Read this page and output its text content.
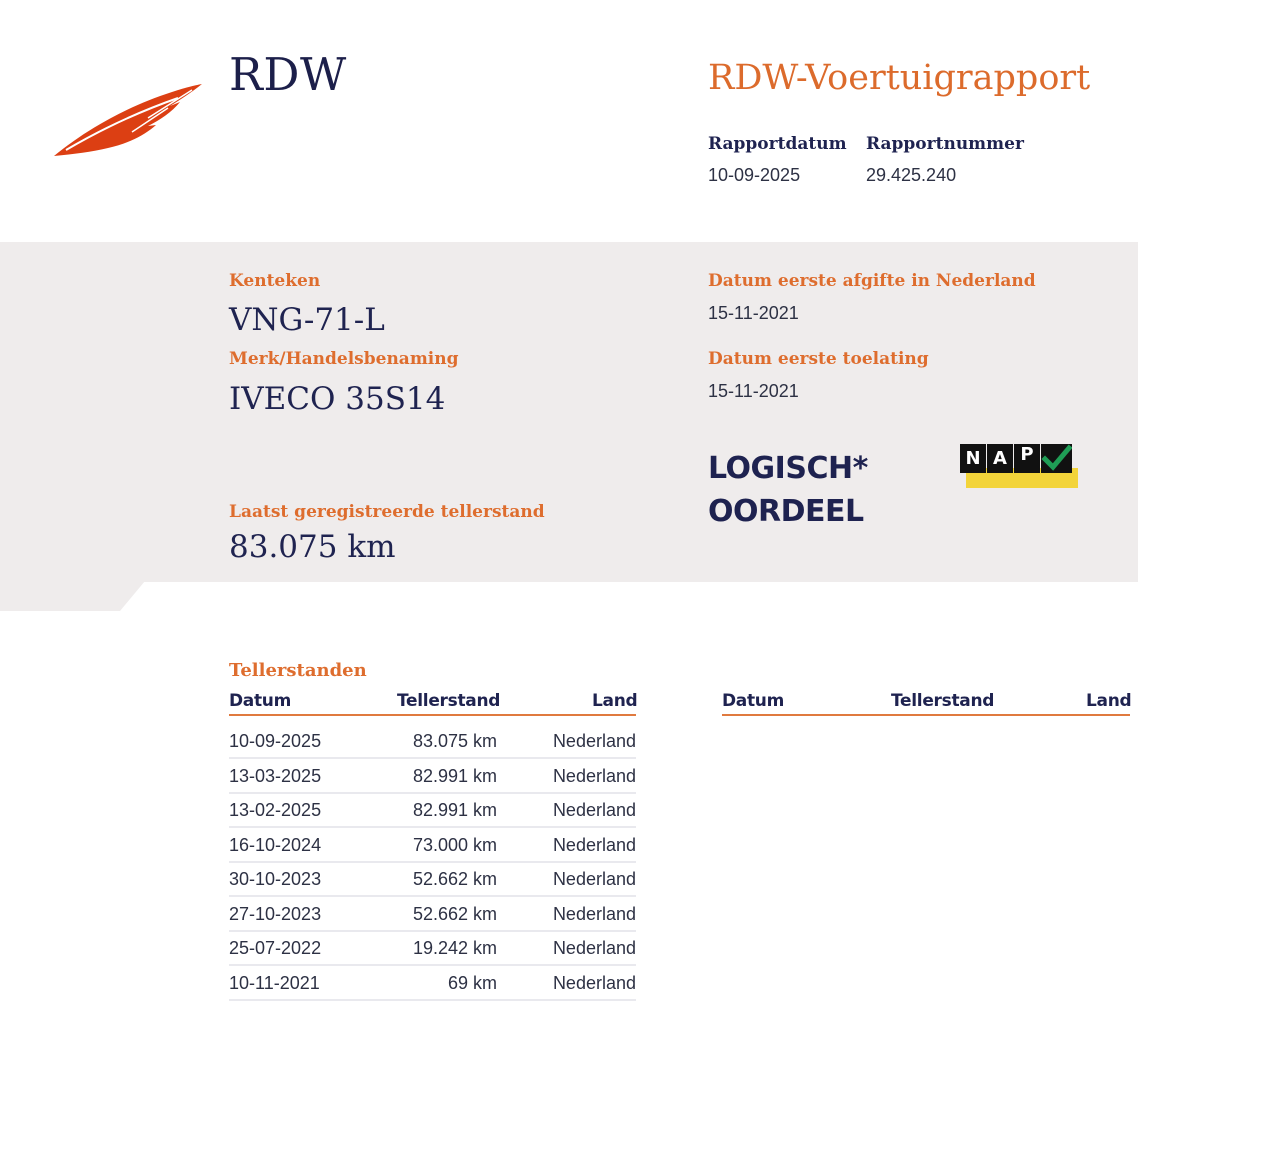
RDW	RDW-Voertuigrapport
Rapportdatum Rapportnummer
10-09-2025	29.425.240
Kenteken
VNG-71-L
Merk/Handelsbenaming
IVECO 35S14
Laatst geregistreerde tellerstand
83.075 km
Datum eerste afgifte in Nederland
15-11-2021
Datum eerste toelating
15-11-2021
LOGISCH*
OORDEEL
N A P
Tellerstanden
Datum	Tellerstand	Land
10-09-2025	83.075 km	Nederland
13-03-2025	82.991 km	Nederland
13-02-2025	82.991 km	Nederland
16-10-2024	73.000 km	Nederland
30-10-2023	52.662 km	Nederland
27-10-2023	52.662 km	Nederland
25-07-2022	19.242 km	Nederland
10-11-2021	69 km	Nederland
Datum	Tellerstand	Land
